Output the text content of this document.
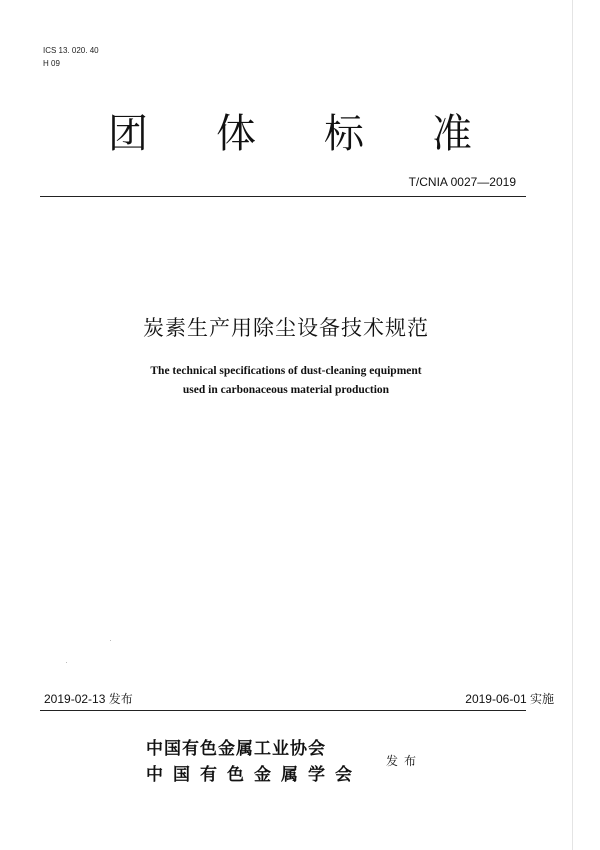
ICS 13. 020. 40
H 09
团体标准
T/CNIA 0027—2019
炭素生产用除尘设备技术规范
The technical specifications of dust-cleaning equipment
used in carbonaceous material production
2019-02-13 发布	2019-06-01 实施
中国有色金属工业协会
中国有色金属学会
发布
